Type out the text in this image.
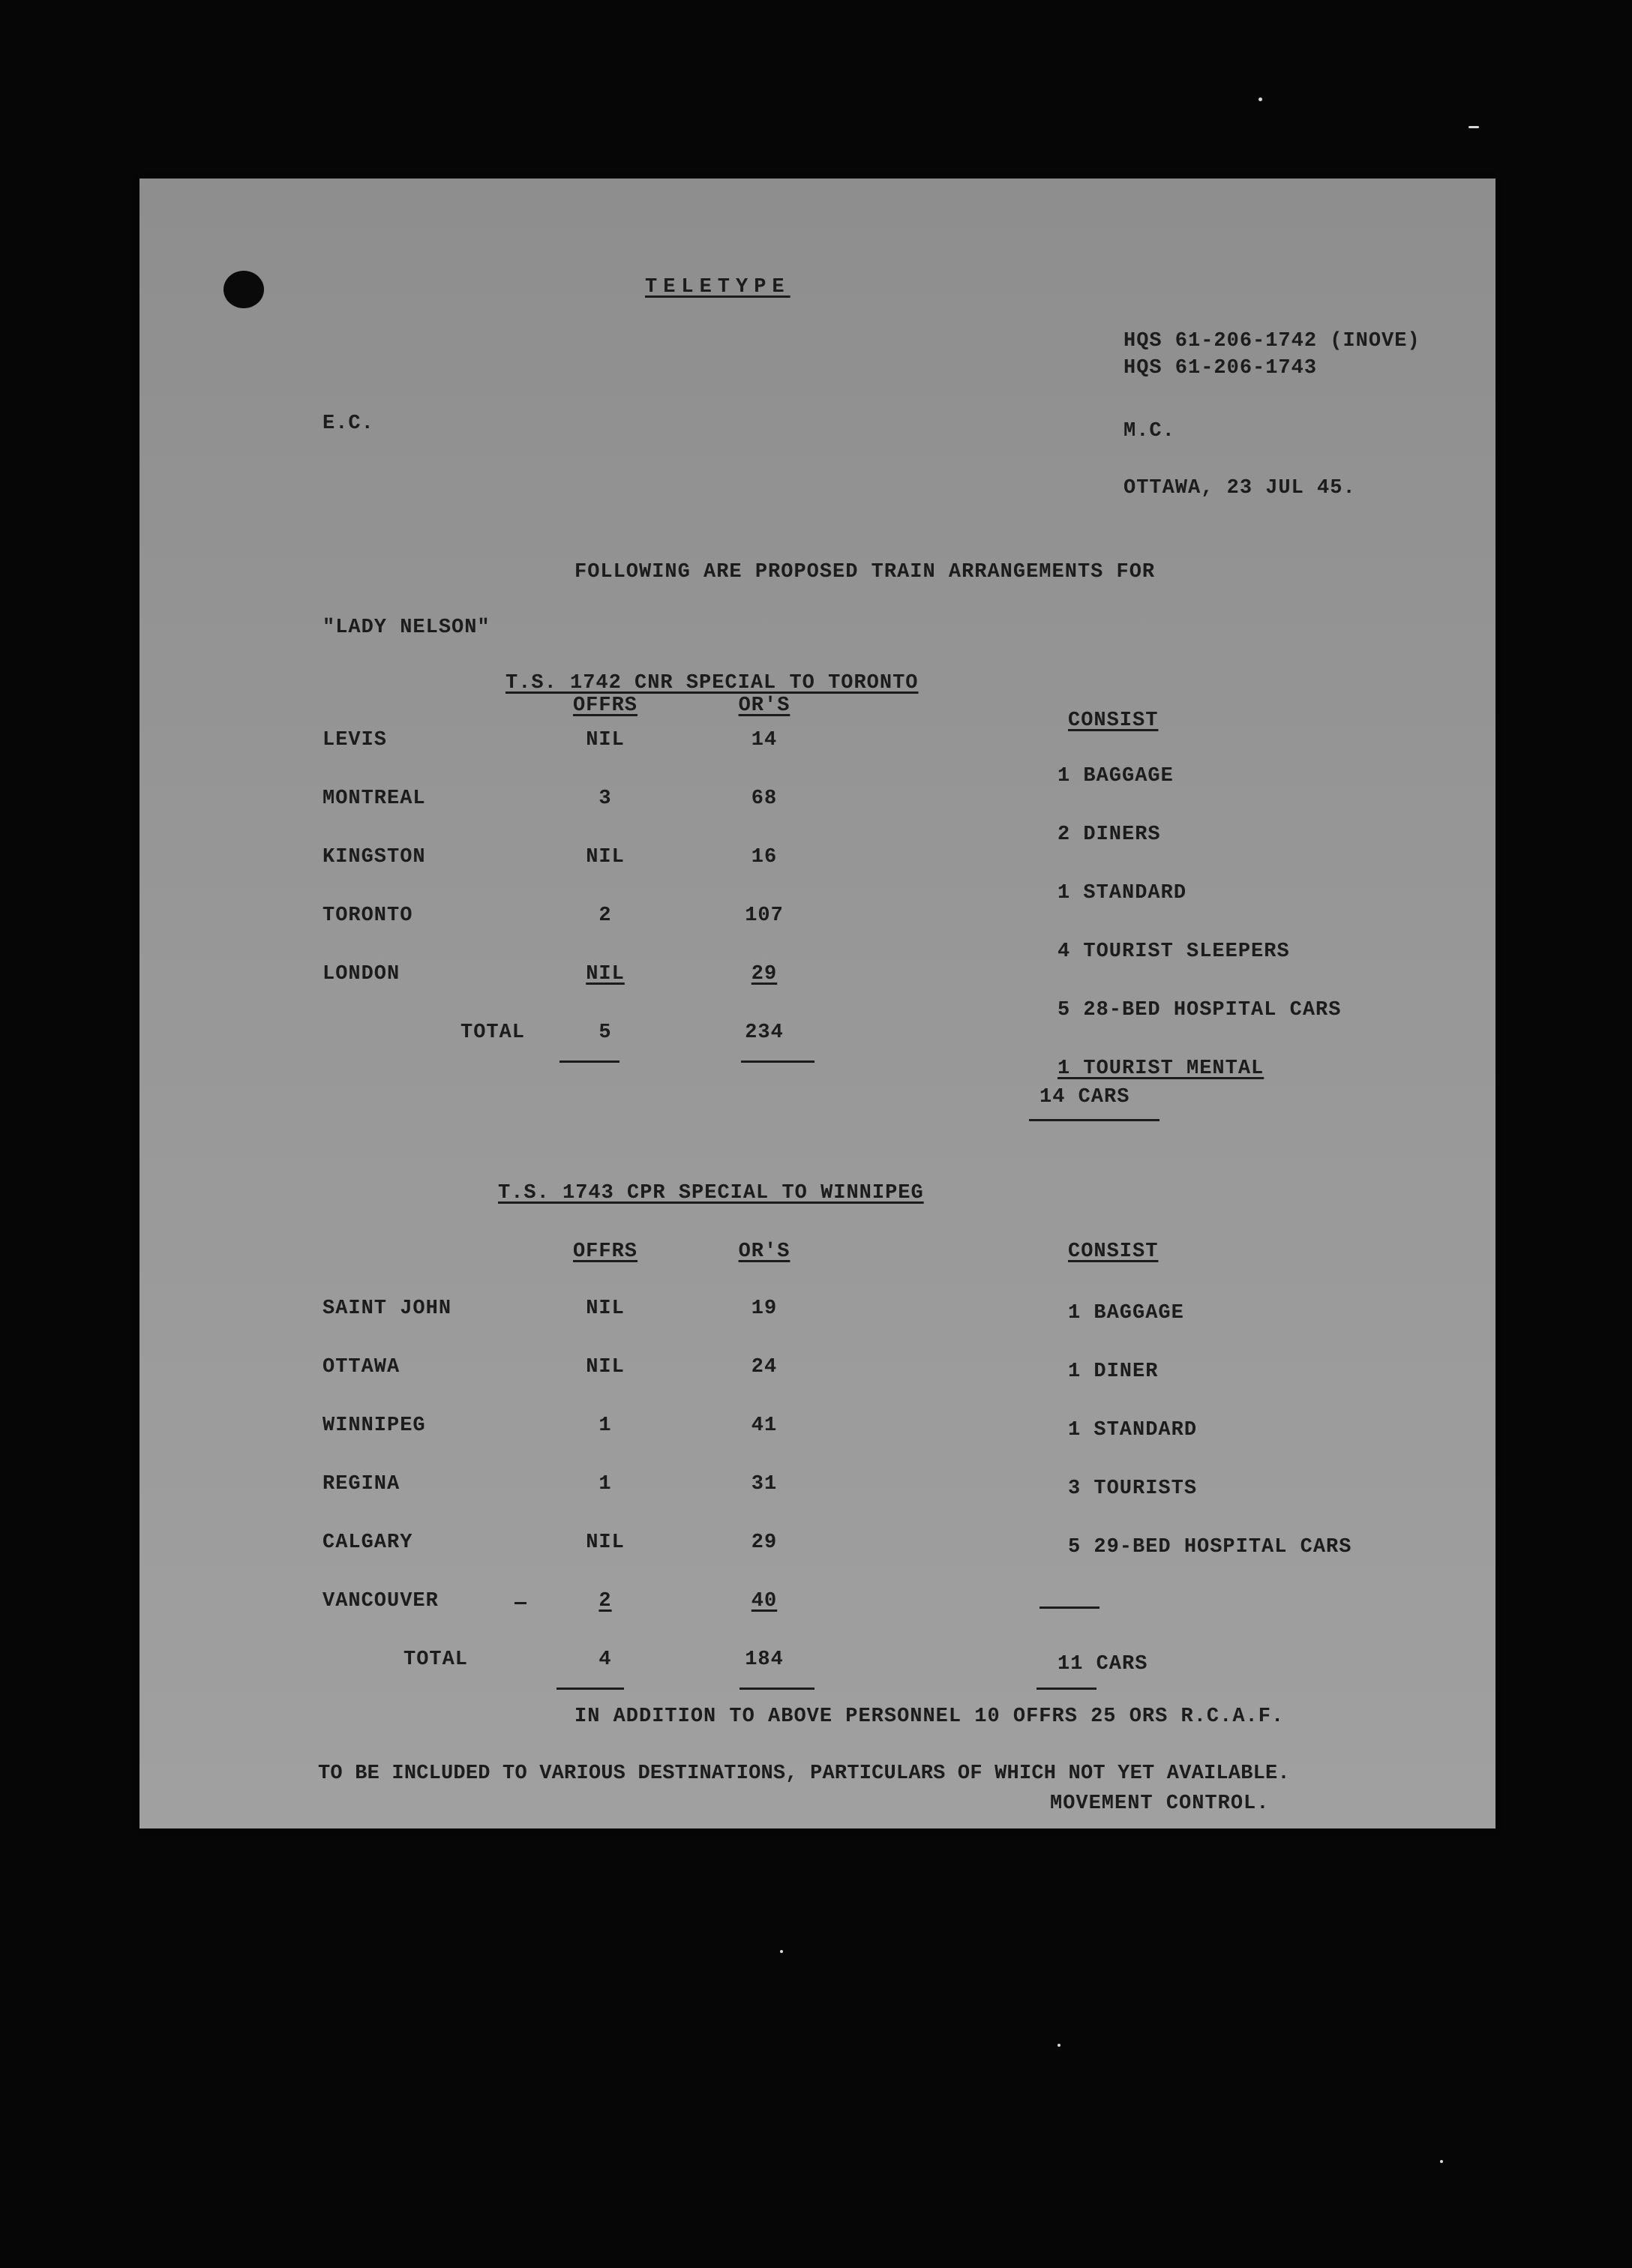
TELETYPE

HQS 61-206-1742 (INOVE)

HQS 61-206-1743

E.C.	M.C.

OTTAWA, 23 JUL 45.

FOLLOWING ARE PROPOSED TRAIN ARRANGEMENTS FOR

"LADY NELSON"

T.S. 1742 CNR SPECIAL TO TORONTO

OFFRS	OR'S

CONSIST

LEVIS	NIL	14

MONTREAL	3	68

KINGSTON	NIL	16

TORONTO	2	107

LONDON	NIL	29

TOTAL	5	234

1 BAGGAGE

2 DINERS

1 STANDARD

4 TOURIST SLEEPERS

5 28-BED HOSPITAL CARS

1 TOURIST MENTAL

14 CARS

T.S. 1743 CPR SPECIAL TO WINNIPEG

OFFRS	OR'S	CONSIST

SAINT JOHN	NIL	19

OTTAWA	NIL	24

WINNIPEG	1	41

REGINA	1	31

CALGARY	NIL	29

VANCOUVER	2	40

TOTAL	4	184

1 BAGGAGE

1 DINER

1 STANDARD

3 TOURISTS

5 29-BED HOSPITAL CARS

11 CARS

IN ADDITION TO ABOVE PERSONNEL 10 OFFRS 25 ORS R.C.A.F.

TO BE INCLUDED TO VARIOUS DESTINATIONS, PARTICULARS OF WHICH NOT YET AVAILABLE.

MOVEMENT CONTROL.
